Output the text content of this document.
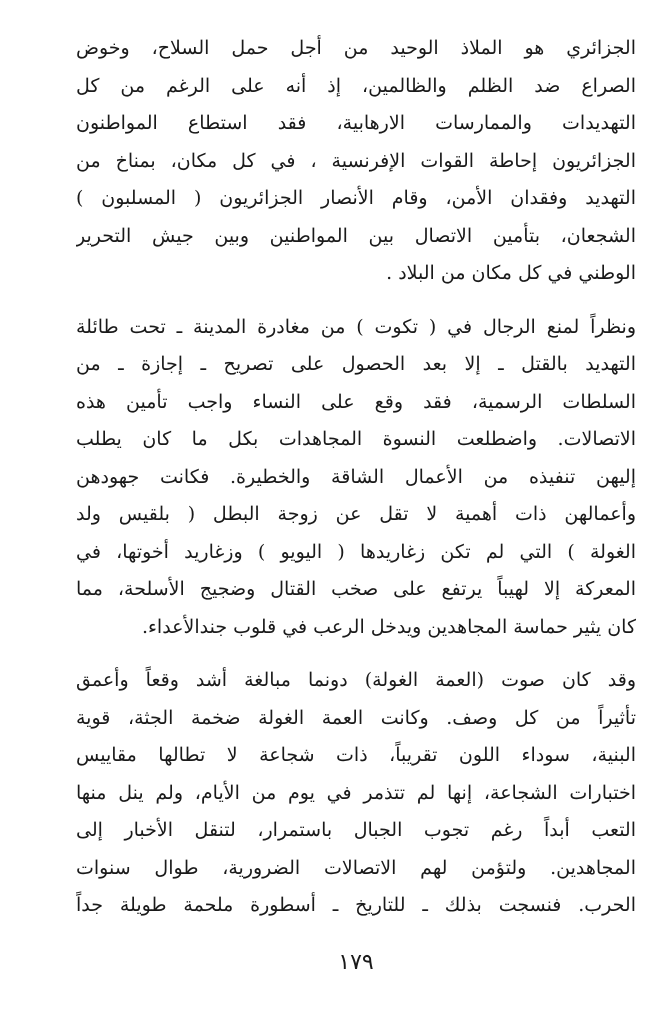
الجزائري هو الملاذ الوحيد من أجل حمل السلاح، وخوض
الصراع ضد الظلم والظالمين، إذ أنه على الرغم من كل
التهديدات والممارسات الارهابية، فقد استطاع المواطنون
الجزائريون إحاطة القوات الإفرنسية ، في كل مكان، بمناخ من
التهديد وفقدان الأمن، وقام الأنصار الجزائريون ( المسلبون )
الشجعان، بتأمين الاتصال بين المواطنين وبين جيش التحرير
الوطني في كل مكان من البلاد .
ونظراً لمنع الرجال في ( تكوت ) من مغادرة المدينة ـ تحت طائلة
التهديد بالقتل ـ إلا بعد الحصول على تصريح ـ إجازة ـ من
السلطات الرسمية، فقد وقع على النساء واجب تأمين هذه
الاتصالات. واضطلعت النسوة المجاهدات بكل ما كان يطلب
إليهن تنفيذه من الأعمال الشاقة والخطيرة. فكانت جهودهن
وأعمالهن ذات أهمية لا تقل عن زوجة البطل ( بلقيس ولد
الغولة ) التي لم تكن زغاريدها ( اليويو ) وزغاريد أخوتها، في
المعركة إلا لهيباً يرتفع على صخب القتال وضجيج الأسلحة، مما
كان يثير حماسة المجاهدين ويدخل الرعب في قلوب جندالأعداء.
وقد كان صوت (العمة الغولة) دونما مبالغة أشد وقعاً وأعمق
تأثيراً من كل وصف. وكانت العمة الغولة ضخمة الجثة، قوية
البنية، سوداء اللون تقريباً، ذات شجاعة لا تطالها مقاييس
اختبارات الشجاعة، إنها لم تتذمر في يوم من الأيام، ولم ينل منها
التعب أبداً رغم تجوب الجبال باستمرار، لتنقل الأخبار إلى
المجاهدين. ولتؤمن لهم الاتصالات الضرورية، طوال سنوات
الحرب. فنسجت بذلك ـ للتاريخ ـ أسطورة ملحمة طويلة جداً
١٧٩
